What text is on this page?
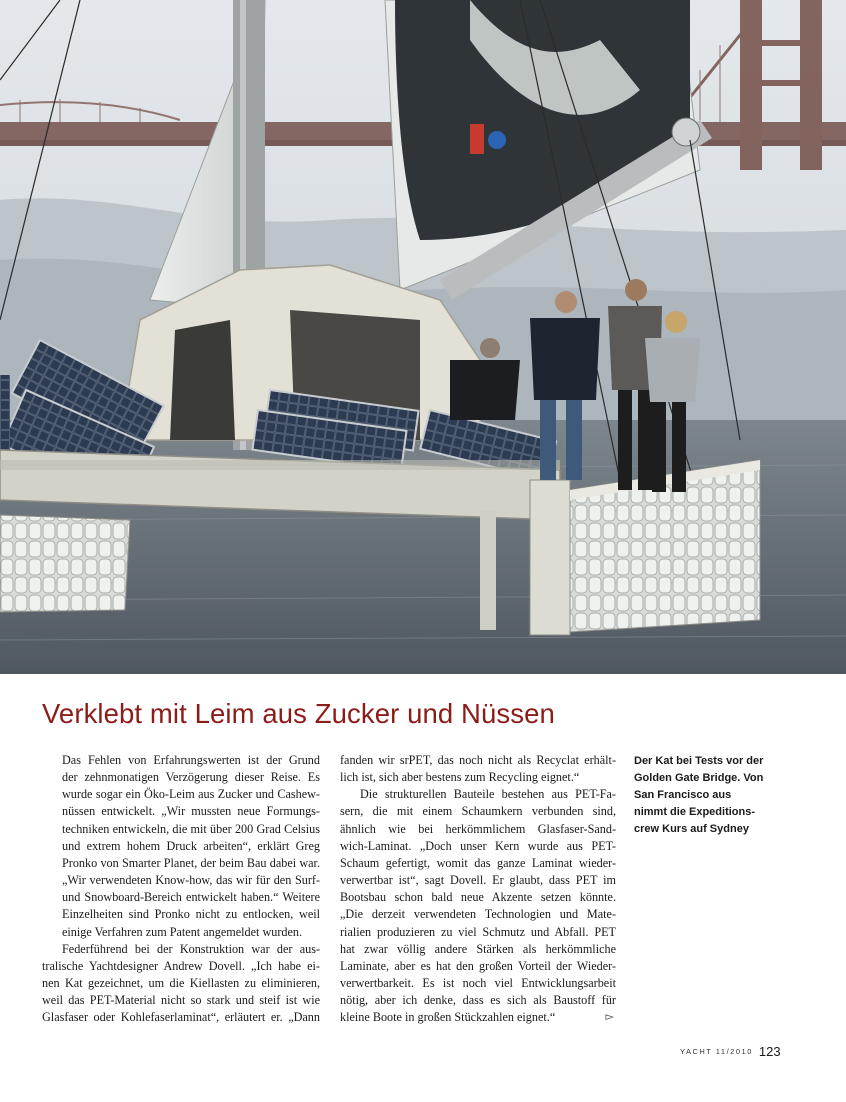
Verklebt mit Leim aus Zucker und Nüssen

Das Fehlen von Erfahrungswerten ist der Grund
der zehnmonatigen Verzögerung dieser Reise. Es
wurde sogar ein Öko-Leim aus Zucker und Cashew-
nüssen entwickelt. „Wir mussten neue Formungs-
techniken entwickeln, die mit über 200 Grad Celsius
und extrem hohem Druck arbeiten“, erklärt Greg
Pronko von Smarter Planet, der beim Bau dabei war.
„Wir verwendeten Know-how, das wir für den Surf-
und Snowboard-Bereich entwickelt haben.“ Weitere
Einzelheiten sind Pronko nicht zu entlocken, weil
einige Verfahren zum Patent angemeldet wurden.

Federführend bei der Konstruktion war der aus-
tralische Yachtdesigner Andrew Dovell. „Ich habe ei-
nen Kat gezeichnet, um die Kiellasten zu eliminieren,
weil das PET-Material nicht so stark und steif ist wie
Glasfaser oder Kohlefaserlaminat“, erläutert er. „Dann

fanden wir srPET, das noch nicht als Recyclat erhält-
lich ist, sich aber bestens zum Recycling eignet.“

Die strukturellen Bauteile bestehen aus PET-Fa-
sern, die mit einem Schaumkern verbunden sind,
ähnlich wie bei herkömmlichem Glasfaser-Sand-
wich-Laminat. „Doch unser Kern wurde aus PET-
Schaum gefertigt, womit das ganze Laminat wieder-
verwertbar ist“, sagt Dovell. Er glaubt, dass PET im
Bootsbau schon bald neue Akzente setzen könnte.
„Die derzeit verwendeten Technologien und Mate-
rialien produzieren zu viel Schmutz und Abfall. PET
hat zwar völlig andere Stärken als herkömmliche
Laminate, aber es hat den großen Vorteil der Wieder-
verwertbarkeit. Es ist noch viel Entwicklungsarbeit
nötig, aber ich denke, dass es sich als Baustoff für
kleine Boote in großen Stückzahlen eignet.“	▻

Der Kat bei Tests vor der
Golden Gate Bridge. Von
San Francisco aus
nimmt die Expeditions-
crew Kurs auf Sydney

YACHT 11/2010 123
